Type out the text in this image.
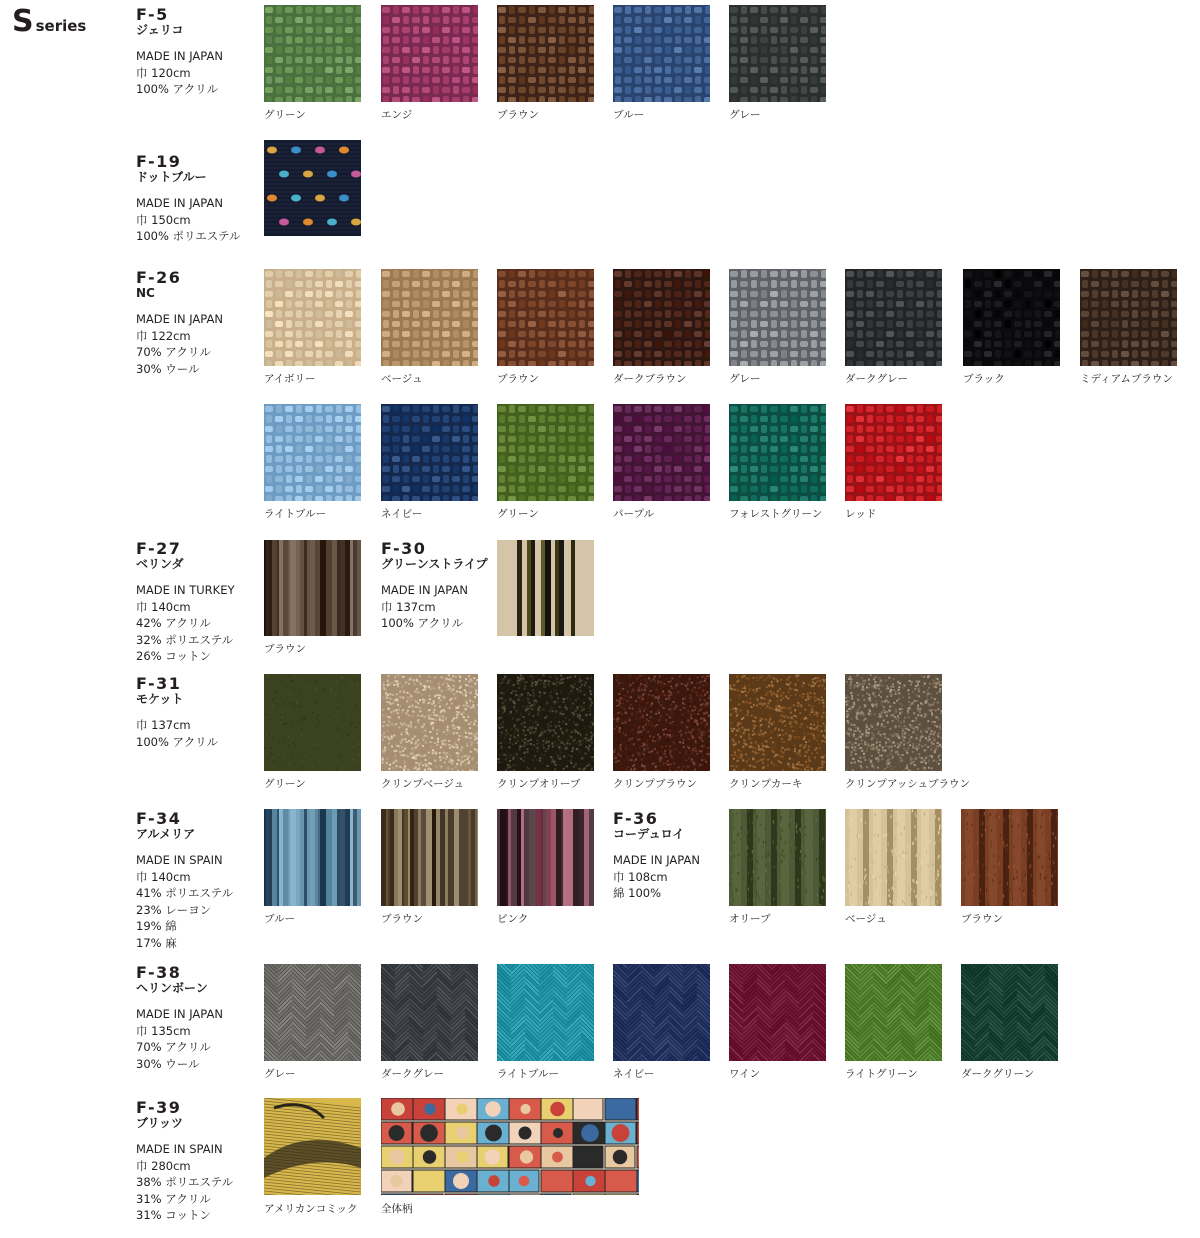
Sseries
F-5
ジェリコ
MADE IN JAPAN
巾 120cm
100% アクリル
F-19
ドットブルー
MADE IN JAPAN
巾 150cm
100% ポリエステル
F-26
NC
MADE IN JAPAN
巾 122cm
70% アクリル
30% ウール
F-27
ベリンダ
MADE IN TURKEY
巾 140cm
42% アクリル
32% ポリエステル
26% コットン
F-30
グリーンストライプ
MADE IN JAPAN
巾 137cm
100% アクリル
F-31
モケット
巾 137cm
100% アクリル
F-34
アルメリア
MADE IN SPAIN
巾 140cm
41% ポリエステル
23% レーヨン
19% 綿
17% 麻
F-36
コーデュロイ
MADE IN JAPAN
巾 108cm
綿 100%
F-38
ヘリンボーン
MADE IN JAPAN
巾 135cm
70% アクリル
30% ウール
F-39
ブリッツ
MADE IN SPAIN
巾 280cm
38% ポリエステル
31% アクリル
31% コットン
グリーン	エンジ	ブラウン	ブルー	グレー
アイボリー	ベージュ	ブラウン	ダークブラウン	グレー	ダークグレー	ブラック	ミディアムブラウン
ライトブルー	ネイビー	グリーン	パープル	フォレストグリーン レッド
ブラウン
グリーン	クリンプベージュ	クリンプオリーブ	クリンプブラウン	クリンプカーキ	クリンプアッシュブラウン
ブルー	ブラウン	ピンク	オリーブ	ベージュ	ブラウン
グレー	ダークグレー	ライトブルー	ネイビー	ワイン	ライトグリーン	ダークグリーン
アメリカンコミック 全体柄
